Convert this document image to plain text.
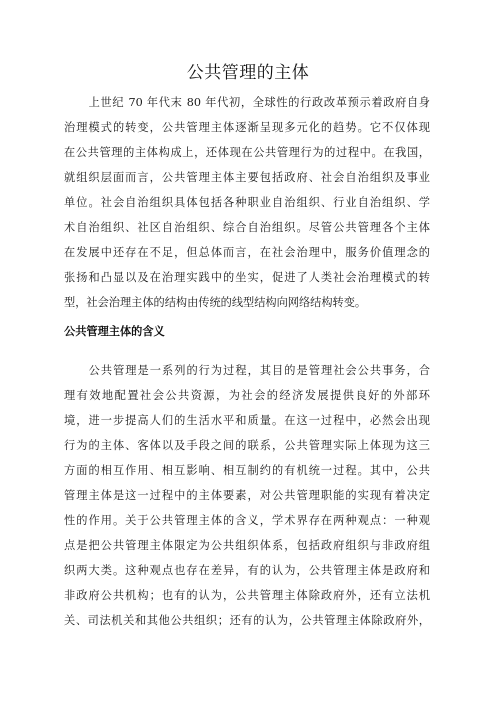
公共管理的主体
上世纪 70 年代末 80 年代初，全球性的行政改革预示着政府自身
治理模式的转变，公共管理主体逐渐呈现多元化的趋势。它不仅体现
在公共管理的主体构成上，还体现在公共管理行为的过程中。在我国，
就组织层面而言，公共管理主体主要包括政府、社会自治组织及事业
单位。社会自治组织具体包括各种职业自治组织、行业自治组织、学
术自治组织、社区自治组织、综合自治组织。尽管公共管理各个主体
在发展中还存在不足，但总体而言，在社会治理中，服务价值理念的
张扬和凸显以及在治理实践中的坐实，促进了人类社会治理模式的转
型，社会治理主体的结构由传统的线型结构向网络结构转变。
公共管理主体的含义
公共管理是一系列的行为过程，其目的是管理社会公共事务，合
理有效地配置社会公共资源，为社会的经济发展提供良好的外部环
境，进一步提高人们的生活水平和质量。在这一过程中，必然会出现
行为的主体、客体以及手段之间的联系，公共管理实际上体现为这三
方面的相互作用、相互影响、相互制约的有机统一过程。其中，公共
管理主体是这一过程中的主体要素，对公共管理职能的实现有着决定
性的作用。关于公共管理主体的含义，学术界存在两种观点：一种观
点是把公共管理主体限定为公共组织体系，包括政府组织与非政府组
织两大类。这种观点也存在差异，有的认为，公共管理主体是政府和
非政府公共机构；也有的认为，公共管理主体除政府外，还有立法机
关、司法机关和其他公共组织；还有的认为，公共管理主体除政府外，
